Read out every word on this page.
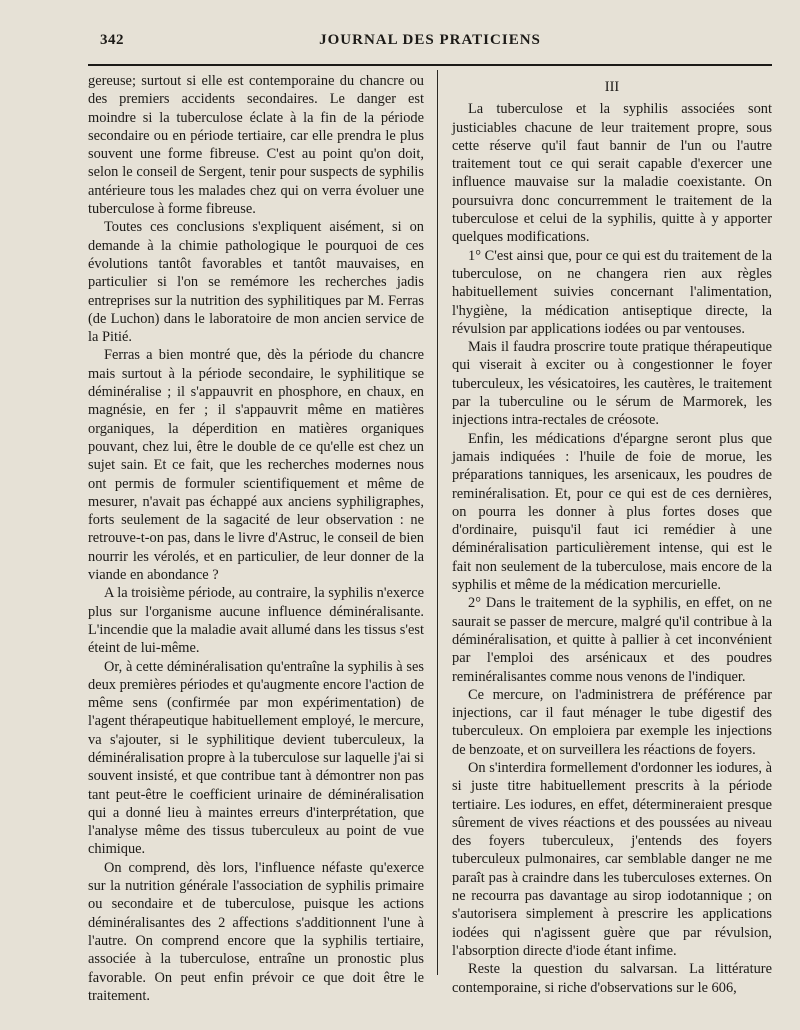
342	JOURNAL DES PRATICIENS

gereuse; surtout si elle est contemporaine du chancre ou des premiers accidents secondaires. Le danger est moindre si la tuberculose éclate à la fin de la période secondaire ou en période tertiaire, car elle prendra le plus souvent une forme fibreuse. C'est au point qu'on doit, selon le conseil de Sergent, tenir pour suspects de syphilis antérieure tous les malades chez qui on verra évoluer une tuberculose à forme fibreuse.

Toutes ces conclusions s'expliquent aisément, si on demande à la chimie pathologique le pourquoi de ces évolutions tantôt favorables et tantôt mauvaises, en particulier si l'on se remémore les recherches jadis entreprises sur la nutrition des syphilitiques par M. Ferras (de Luchon) dans le laboratoire de mon ancien service de la Pitié.

Ferras a bien montré que, dès la période du chancre mais surtout à la période secondaire, le syphilitique se déminéralise ; il s'appauvrit en phosphore, en chaux, en magnésie, en fer ; il s'appauvrit même en matières organiques, la déperdition en matières organiques pouvant, chez lui, être le double de ce qu'elle est chez un sujet sain. Et ce fait, que les recherches modernes nous ont permis de formuler scientifiquement et même de mesurer, n'avait pas échappé aux anciens syphiligraphes, forts seulement de la sagacité de leur observation : ne retrouve-t-on pas, dans le livre d'Astruc, le conseil de bien nourrir les vérolés, et en particulier, de leur donner de la viande en abondance ?

A la troisième période, au contraire, la syphilis n'exerce plus sur l'organisme aucune influence déminéralisante. L'incendie que la maladie avait allumé dans les tissus s'est éteint de lui-même.

Or, à cette déminéralisation qu'entraîne la syphilis à ses deux premières périodes et qu'augmente encore l'action de même sens (confirmée par mon expérimentation) de l'agent thérapeutique habituellement employé, le mercure, va s'ajouter, si le syphilitique devient tuberculeux, la déminéralisation propre à la tuberculose sur laquelle j'ai si souvent insisté, et que contribue tant à démontrer non pas tant peut-être le coefficient urinaire de déminéralisation qui a donné lieu à maintes erreurs d'interprétation, que l'analyse même des tissus tuberculeux au point de vue chimique.

On comprend, dès lors, l'influence néfaste qu'exerce sur la nutrition générale l'association de syphilis primaire ou secondaire et de tuberculose, puisque les actions déminéralisantes des 2 affections s'additionnent l'une à l'autre. On comprend encore que la syphilis tertiaire, associée à la tuberculose, entraîne un pronostic plus favorable. On peut enfin prévoir ce que doit être le traitement.

III

La tuberculose et la syphilis associées sont justiciables chacune de leur traitement propre, sous cette réserve qu'il faut bannir de l'un ou l'autre traitement tout ce qui serait capable d'exercer une influence mauvaise sur la maladie coexistante. On poursuivra donc concurremment le traitement de la tuberculose et celui de la syphilis, quitte à y apporter quelques modifications.

1° C'est ainsi que, pour ce qui est du traitement de la tuberculose, on ne changera rien aux règles habituellement suivies concernant l'alimentation, l'hygiène, la médication antiseptique directe, la révulsion par applications iodées ou par ventouses.

Mais il faudra proscrire toute pratique thérapeutique qui viserait à exciter ou à congestionner le foyer tuberculeux, les vésicatoires, les cautères, le traitement par la tuberculine ou le sérum de Marmorek, les injections intra-rectales de créosote.

Enfin, les médications d'épargne seront plus que jamais indiquées : l'huile de foie de morue, les préparations tanniques, les arsenicaux, les poudres de reminéralisation. Et, pour ce qui est de ces dernières, on pourra les donner à plus fortes doses que d'ordinaire, puisqu'il faut ici remédier à une déminéralisation particulièrement intense, qui est le fait non seulement de la tuberculose, mais encore de la syphilis et même de la médication mercurielle.

2° Dans le traitement de la syphilis, en effet, on ne saurait se passer de mercure, malgré qu'il contribue à la déminéralisation, et quitte à pallier à cet inconvénient par l'emploi des arsénicaux et des poudres reminéralisantes comme nous venons de l'indiquer.

Ce mercure, on l'administrera de préférence par injections, car il faut ménager le tube digestif des tuberculeux. On emploiera par exemple les injections de benzoate, et on surveillera les réactions de foyers.

On s'interdira formellement d'ordonner les iodures, à si juste titre habituellement prescrits à la période tertiaire. Les iodures, en effet, détermineraient presque sûrement de vives réactions et des poussées au niveau des foyers tuberculeux, j'entends des foyers tuberculeux pulmonaires, car semblable danger ne me paraît pas à craindre dans les tuberculoses externes. On ne recourra pas davantage au sirop iodotannique ; on s'autorisera simplement à prescrire les applications iodées qui n'agissent guère que par révulsion, l'absorption directe d'iode étant infime.

Reste la question du salvarsan. La littérature contemporaine, si riche d'observations sur le 606,
